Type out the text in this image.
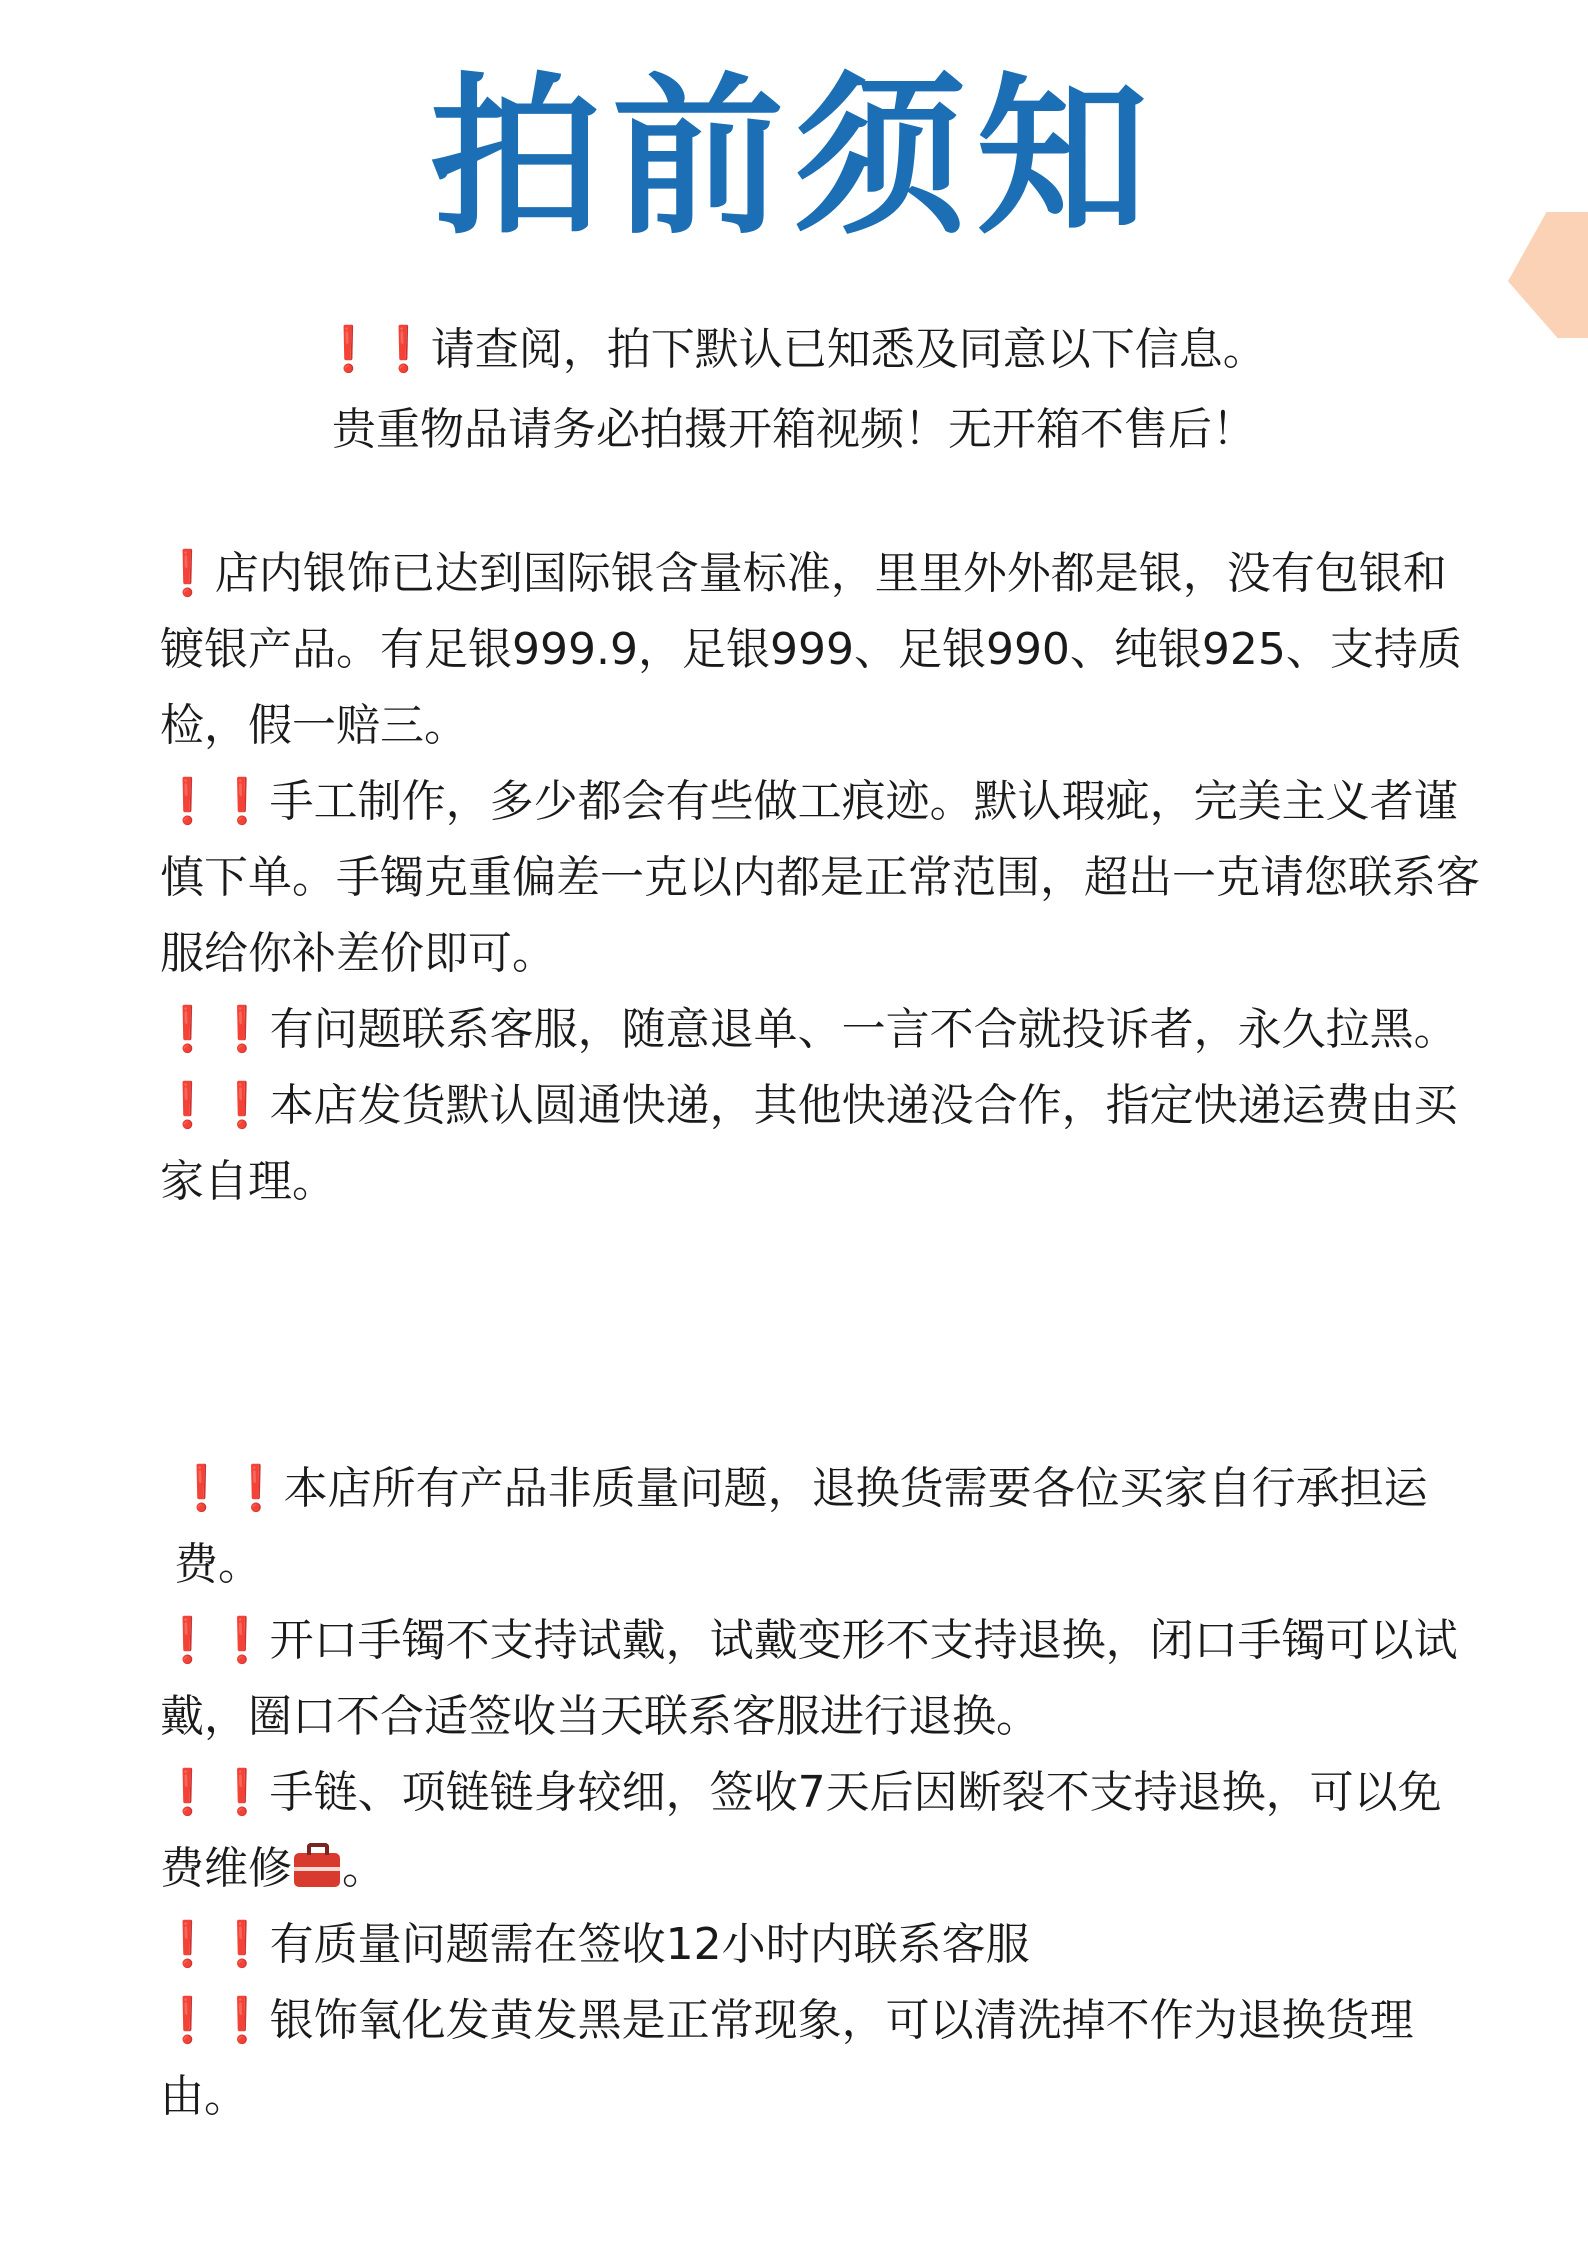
拍前须知
❗❗请查阅，拍下默认已知悉及同意以下信息。
贵重物品请务必拍摄开箱视频！无开箱不售后！

❗店内银饰已达到国际银含量标准，里里外外都是银，没有包银和镀银产品。有足银999.9，足银999、足银990、纯银925、支持质检，假一赔三。

❗❗手工制作，多少都会有些做工痕迹。默认瑕疵，完美主义者谨慎下单。手镯克重偏差一克以内都是正常范围，超出一克请您联系客服给你补差价即可。

❗❗有问题联系客服，随意退单、一言不合就投诉者，永久拉黑。

❗❗本店发货默认圆通快递，其他快递没合作，指定快递运费由买家自理。

❗❗本店所有产品非质量问题，退换货需要各位买家自行承担运费。

❗❗开口手镯不支持试戴，试戴变形不支持退换，闭口手镯可以试戴，圈口不合适签收当天联系客服进行退换。

❗❗手链、项链链身较细，签收7天后因断裂不支持退换，可以免费维修 。

❗❗有质量问题需在签收12小时内联系客服

❗❗银饰氧化发黄发黑是正常现象，可以清洗掉不作为退换货理由。
